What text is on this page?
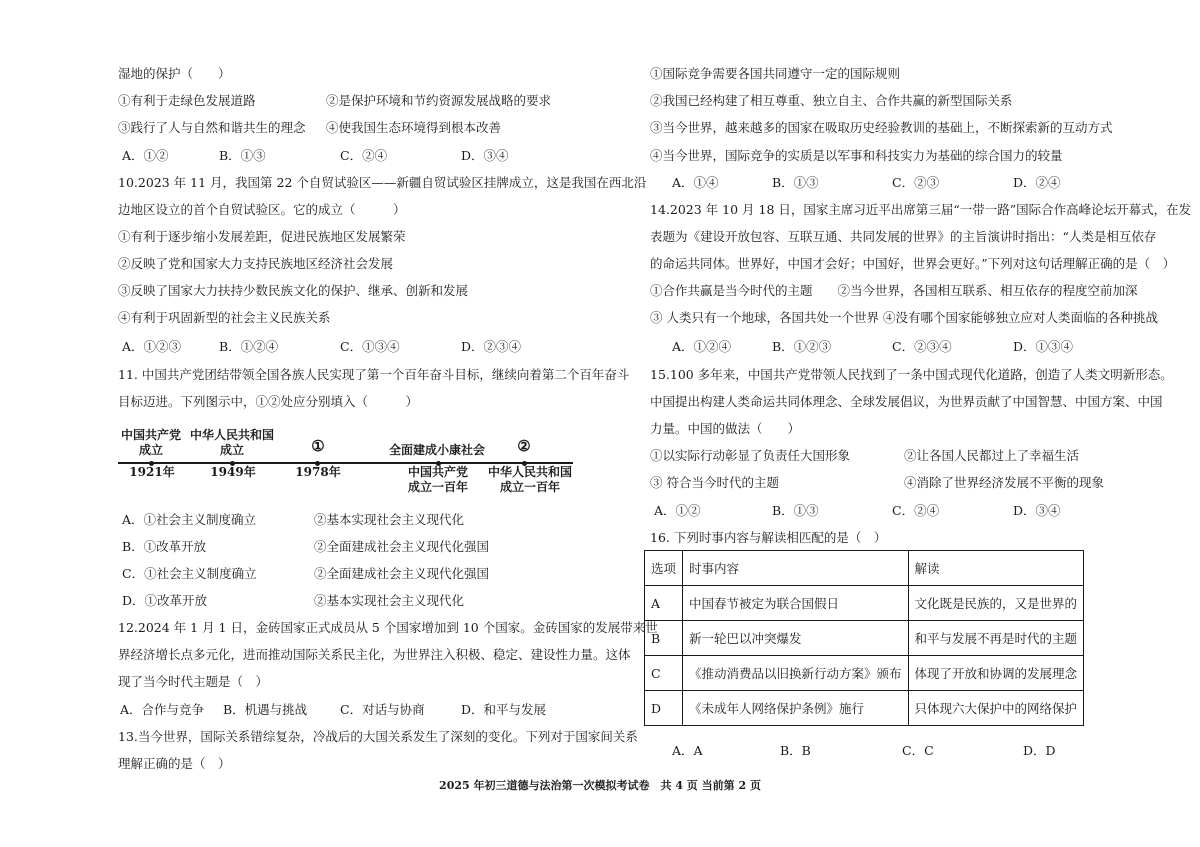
湿地的保护（　　）
①有利于走绿色发展道路	②是保护环境和节约资源发展战略的要求
③践行了人与自然和谐共生的理念 ④使我国生态环境得到根本改善
A．①②	B．①③	C．②④	D．③④
10.2023 年 11 月，我国第 22 个自贸试验区——新疆自贸试验区挂牌成立，这是我国在西北沿
边地区设立的首个自贸试验区。它的成立（　　　）
①有利于逐步缩小发展差距，促进民族地区发展繁荣
②反映了党和国家大力支持民族地区经济社会发展
③反映了国家大力扶持少数民族文化的保护、继承、创新和发展
④有利于巩固新型的社会主义民族关系
A．①②③	B．①②④	C．①③④	D．②③④
11. 中国共产党团结带领全国各族人民实现了第一个百年奋斗目标，继续向着第二个百年奋斗
目标迈进。下列图示中，①②处应分别填入（　　　）
中国共产党
成立
中华人民共和国
成立	①	全面建成小康社会	②
1921年	1949年	1978年	中国共产党
成立一百年
中华人民共和国
成立一百年
A．①社会主义制度确立	②基本实现社会主义现代化
B．①改革开放	②全面建成社会主义现代化强国
C．①社会主义制度确立	②全面建成社会主义现代化强国
D．①改革开放	②基本实现社会主义现代化
12.2024 年 1 月 1 日，金砖国家正式成员从 5 个国家增加到 10 个国家。金砖国家的发展带来世
界经济增长点多元化，进而推动国际关系民主化，为世界注入积极、稳定、建设性力量。这体
现了当今时代主题是（　）
A．合作与竞争 B．机遇与挑战	C．对话与协商	D．和平与发展
13.当今世界，国际关系错综复杂，冷战后的大国关系发生了深刻的变化。下列对于国家间关系
理解正确的是（　）
①国际竞争需要各国共同遵守一定的国际规则
②我国已经构建了相互尊重、独立自主、合作共赢的新型国际关系
③当今世界，越来越多的国家在吸取历史经验教训的基础上，不断探索新的互动方式
④当今世界，国际竞争的实质是以军事和科技实力为基础的综合国力的较量
A．①④	B．①③	C．②③	D．②④
14.2023 年 10 月 18 日，国家主席习近平出席第三届“一带一路”国际合作高峰论坛开幕式，在发
表题为《建设开放包容、互联互通、共同发展的世界》的主旨演讲时指出：“人类是相互依存
的命运共同体。世界好，中国才会好；中国好，世界会更好。”下列对这句话理解正确的是（　）
①合作共赢是当今时代的主题　　②当今世界，各国相互联系、相互依存的程度空前加深
③ 人类只有一个地球，各国共处一个世界 ④没有哪个国家能够独立应对人类面临的各种挑战
A．①②④	B．①②③	C．②③④	D．①③④
15.100 多年来，中国共产党带领人民找到了一条中国式现代化道路，创造了人类文明新形态。
中国提出构建人类命运共同体理念、全球发展倡议，为世界贡献了中国智慧、中国方案、中国
力量。中国的做法（　　）
①以实际行动彰显了负责任大国形象	②让各国人民都过上了幸福生活
③ 符合当今时代的主题	④消除了世界经济发展不平衡的现象
A．①②	B．①③	C．②④	D．③④
16. 下列时事内容与解读相匹配的是（　）
选项	时事内容	解读
A	中国春节被定为联合国假日	文化既是民族的，又是世界的
B	新一轮巴以冲突爆发	和平与发展不再是时代的主题
C	《推动消费品以旧换新行动方案》颁布	体现了开放和协调的发展理念
D	《未成年人网络保护条例》施行	只体现六大保护中的网络保护
A．A	B．B	C．C	D．D
2025 年初三道德与法治第一次模拟考试卷　共 4 页 当前第 2 页
